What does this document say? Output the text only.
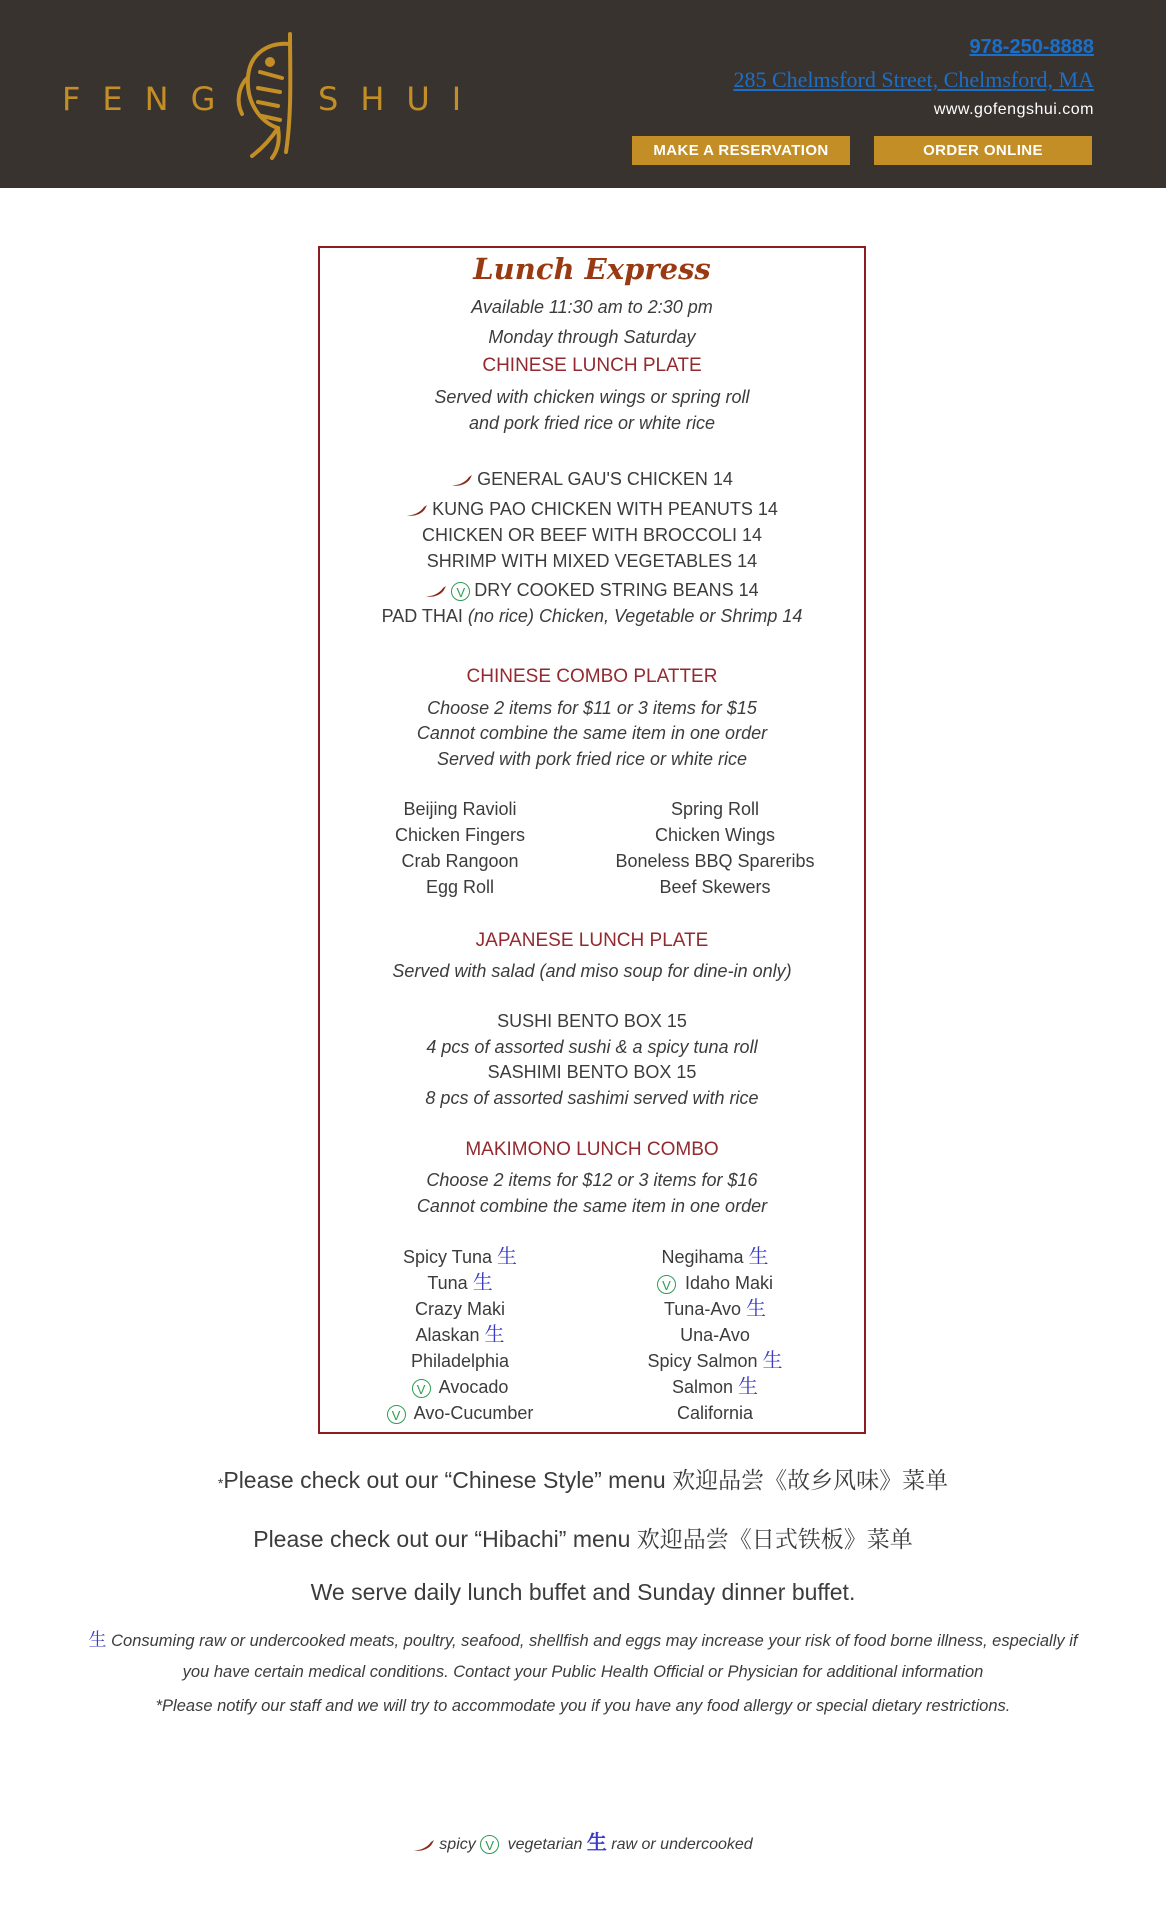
FENG	SHUI
978-250-8888
285 Chelmsford Street, Chelmsford, MA
www.gofengshui.com
MAKE A RESERVATION	ORDER ONLINE
Lunch Express
Available 11:30 am to 2:30 pm
Monday through Saturday
CHINESE LUNCH PLATE
Served with chicken wings or spring roll
and pork fried rice or white rice
GENERAL GAU'S CHICKEN 14
KUNG PAO CHICKEN WITH PEANUTS 14
CHICKEN OR BEEF WITH BROCCOLI 14
SHRIMP WITH MIXED VEGETABLES 14
V DRY COOKED STRING BEANS 14
PAD THAI (no rice) Chicken, Vegetable or Shrimp 14
CHINESE COMBO PLATTER
Choose 2 items for $11 or 3 items for $15
Cannot combine the same item in one order
Served with pork fried rice or white rice
Beijing Ravioli
Chicken Fingers
Crab Rangoon
Egg Roll
Spring Roll
Chicken Wings
Boneless BBQ Spareribs
Beef Skewers
JAPANESE LUNCH PLATE
Served with salad (and miso soup for dine-in only)
SUSHI BENTO BOX 15
4 pcs of assorted sushi & a spicy tuna roll
SASHIMI BENTO BOX 15
8 pcs of assorted sashimi served with rice
MAKIMONO LUNCH COMBO
Choose 2 items for $12 or 3 items for $16
Cannot combine the same item in one order
Spicy Tuna 生
Tuna 生
Crazy Maki
Alaskan 生
Philadelphia
V Avocado
V Avo-Cucumber
Negihama 生
V Idaho Maki
Tuna-Avo 生
Una-Avo
Spicy Salmon 生
Salmon 生
California
*Please check out our “Chinese Style” menu 欢迎品尝《故乡风味》菜单
Please check out our “Hibachi” menu 欢迎品尝《日式铁板》菜单
We serve daily lunch buffet and Sunday dinner buffet.
生 Consuming raw or undercooked meats, poultry, seafood, shellfish and eggs may increase your risk of food borne illness, especially if
you have certain medical conditions. Contact your Public Health Official or Physician for additional information
*Please notify our staff and we will try to accommodate you if you have any food allergy or special dietary restrictions.
spicy V vegetarian 生 raw or undercooked
